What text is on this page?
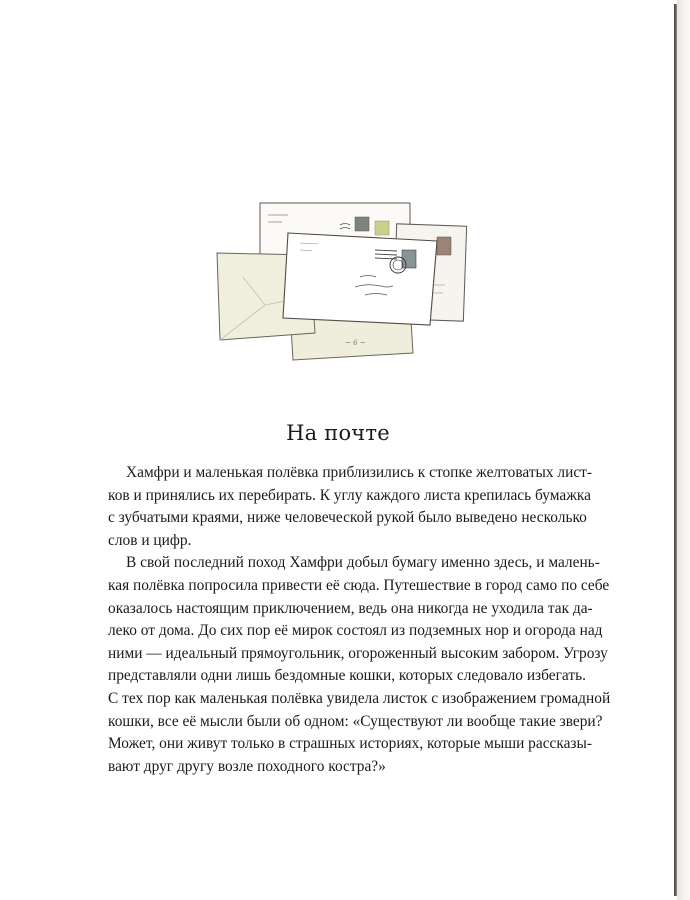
~ 6 ~
На почте
Хамфри и маленькая полёвка приблизились к стопке желтоватых лист-
ков и принялись их перебирать. К углу каждого листа крепилась бумажка
с зубчатыми краями, ниже человеческой рукой было выведено несколько
слов и цифр.
В свой последний поход Хамфри добыл бумагу именно здесь, и малень-
кая полёвка попросила привести её сюда. Путешествие в город само по себе
оказалось настоящим приключением, ведь она никогда не уходила так да-
леко от дома. До сих пор её мирок состоял из подземных нор и огорода над
ними — идеальный прямоугольник, огороженный высоким забором. Угрозу
представляли одни лишь бездомные кошки, которых следовало избегать.
С тех пор как маленькая полёвка увидела листок с изображением громадной
кошки, все её мысли были об одном: «Существуют ли вообще такие звери?
Может, они живут только в страшных историях, которые мыши рассказы-
вают друг другу возле походного костра?»
